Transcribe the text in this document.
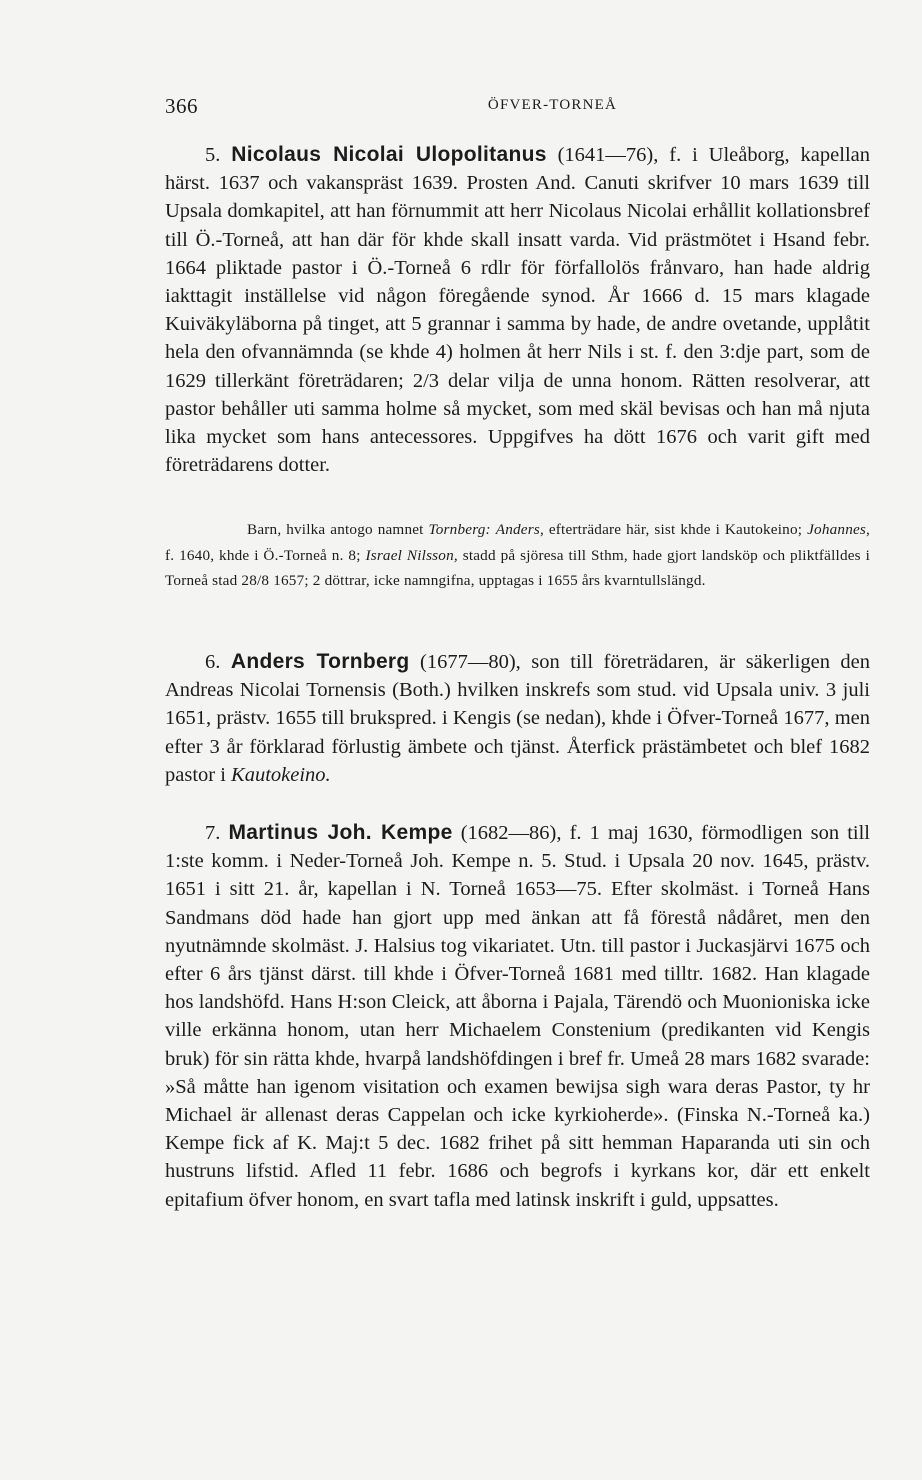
366	ÖFVER-TORNEÅ

5. Nicolaus Nicolai Ulopolitanus (1641—76), f. i Uleåborg, kapellan härst. 1637 och vakanspräst 1639. Prosten And. Canuti skrifver 10 mars 1639 till Upsala domkapitel, att han förnummit att herr Nicolaus Nicolai erhållit kollationsbref till Ö.-Torneå, att han där för khde skall insatt varda. Vid prästmötet i Hsand febr. 1664 pliktade pastor i Ö.-Torneå 6 rdlr för förfallolös frånvaro, han hade aldrig iakttagit inställelse vid någon föregående synod. År 1666 d. 15 mars klagade Kuiväkyläborna på tinget, att 5 grannar i samma by hade, de andre ovetande, upplåtit hela den ofvannämnda (se khde 4) holmen åt herr Nils i st. f. den 3:dje part, som de 1629 tillerkänt företrädaren; 2/3 delar vilja de unna honom. Rätten resolverar, att pastor behåller uti samma holme så mycket, som med skäl bevisas och han må njuta lika mycket som hans antecessores. Uppgifves ha dött 1676 och varit gift med företrädarens dotter.

Barn, hvilka antogo namnet Tornberg: Anders, efterträdare här, sist khde i Kautokeino; Johannes, f. 1640, khde i Ö.-Torneå n. 8; Israel Nilsson, stadd på sjöresa till Sthm, hade gjort landsköp och pliktfälldes i Torneå stad 28/8 1657; 2 döttrar, icke namngifna, upptagas i 1655 års kvarntullslängd.

6. Anders Tornberg (1677—80), son till företrädaren, är säkerligen den Andreas Nicolai Tornensis (Both.) hvilken inskrefs som stud. vid Upsala univ. 3 juli 1651, prästv. 1655 till brukspred. i Kengis (se nedan), khde i Öfver-Torneå 1677, men efter 3 år förklarad förlustig ämbete och tjänst. Återfick prästämbetet och blef 1682 pastor i Kautokeino.

7. Martinus Joh. Kempe (1682—86), f. 1 maj 1630, förmodligen son till 1:ste komm. i Neder-Torneå Joh. Kempe n. 5. Stud. i Upsala 20 nov. 1645, prästv. 1651 i sitt 21. år, kapellan i N. Torneå 1653—75. Efter skolmäst. i Torneå Hans Sandmans död hade han gjort upp med änkan att få förestå nådåret, men den nyutnämnde skolmäst. J. Halsius tog vikariatet. Utn. till pastor i Juckasjärvi 1675 och efter 6 års tjänst därst. till khde i Öfver-Torneå 1681 med tilltr. 1682. Han klagade hos landshöfd. Hans H:son Cleick, att åborna i Pajala, Tärendö och Muonioniska icke ville erkänna honom, utan herr Michaelem Constenium (predikanten vid Kengis bruk) för sin rätta khde, hvarpå landshöfdingen i bref fr. Umeå 28 mars 1682 svarade: »Så måtte han igenom visitation och examen bewijsa sigh wara deras Pastor, ty hr Michael är allenast deras Cappelan och icke kyrkioherde». (Finska N.-Torneå ka.) Kempe fick af K. Maj:t 5 dec. 1682 frihet på sitt hemman Haparanda uti sin och hustruns lifstid. Afled 11 febr. 1686 och begrofs i kyrkans kor, där ett enkelt epitafium öfver honom, en svart tafla med latinsk inskrift i guld, uppsattes.
